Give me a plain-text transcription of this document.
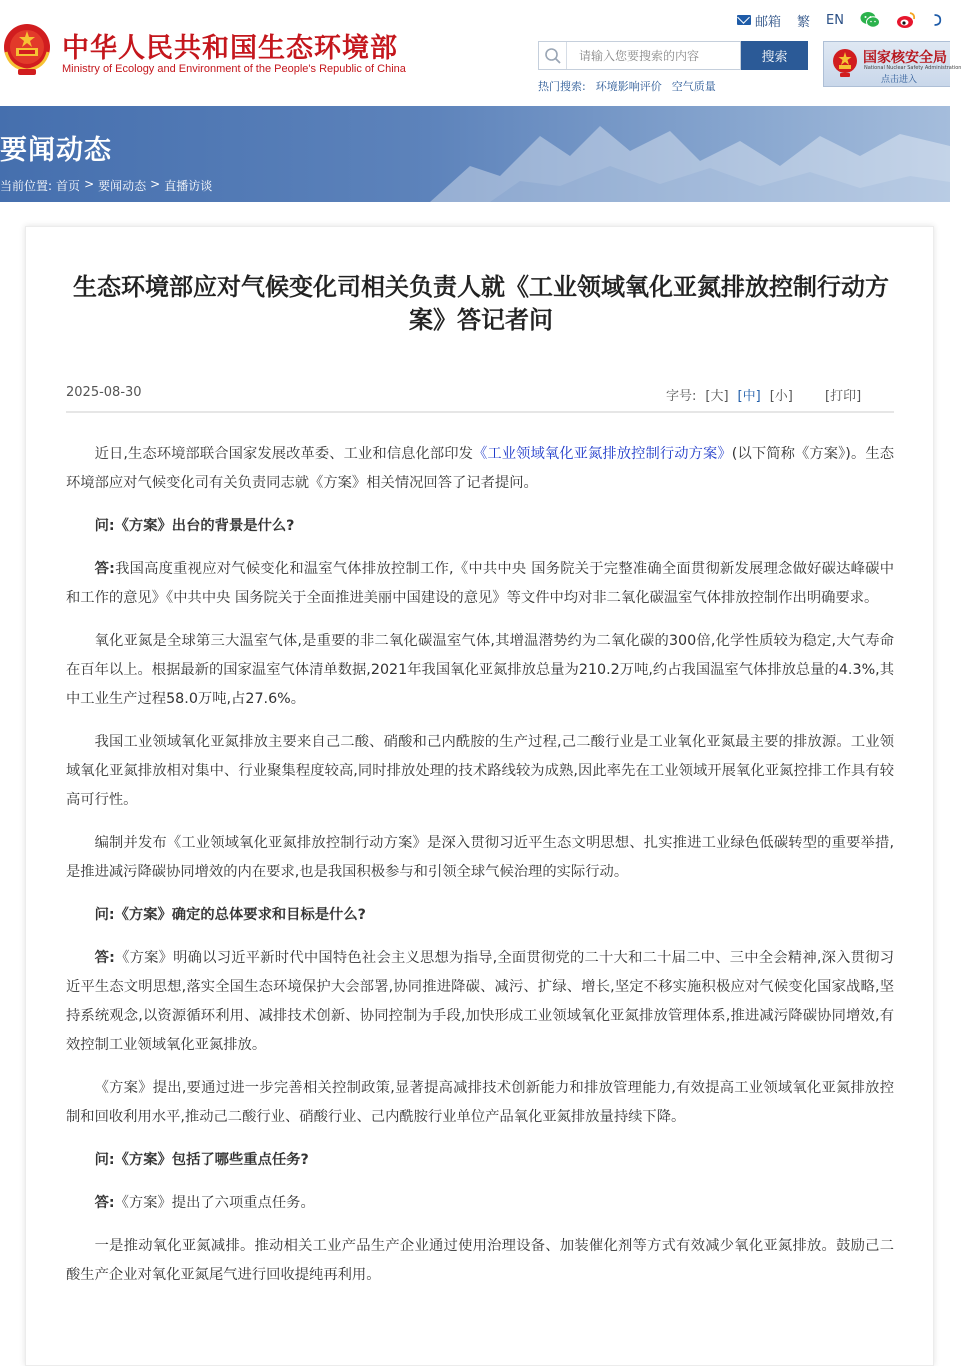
中华人民共和国生态环境部
Ministry of Ecology and Environment of the People's Republic of China
邮箱 繁 EN
请输入您要搜索的内容
搜索
热门搜索: 环境影响评价 空气质量
国家核安全局
National Nuclear Safety Administration
点击进入
要闻动态
当前位置: 首页 > 要闻动态 > 直播访谈
生态环境部应对气候变化司相关负责人就《工业领域氧化亚氮排放控制行动方案》答记者问
2025-08-30	字号: [大] [中] [小] [打印]

近日,生态环境部联合国家发展改革委、工业和信息化部印发《工业领域氧化亚氮排放控制行动方案》(以下简称《方案》)。生态环境部应对气候变化司有关负责同志就《方案》相关情况回答了记者提问。

问:《方案》出台的背景是什么?

答:我国高度重视应对气候变化和温室气体排放控制工作,《中共中央 国务院关于完整准确全面贯彻新发展理念做好碳达峰碳中和工作的意见》《中共中央 国务院关于全面推进美丽中国建设的意见》等文件中均对非二氧化碳温室气体排放控制作出明确要求。

氧化亚氮是全球第三大温室气体,是重要的非二氧化碳温室气体,其增温潜势约为二氧化碳的300倍,化学性质较为稳定,大气寿命在百年以上。根据最新的国家温室气体清单数据,2021年我国氧化亚氮排放总量为210.2万吨,约占我国温室气体排放总量的4.3%,其中工业生产过程58.0万吨,占27.6%。

我国工业领域氧化亚氮排放主要来自己二酸、硝酸和己内酰胺的生产过程,己二酸行业是工业氧化亚氮最主要的排放源。工业领域氧化亚氮排放相对集中、行业聚集程度较高,同时排放处理的技术路线较为成熟,因此率先在工业领域开展氧化亚氮控排工作具有较高可行性。

编制并发布《工业领域氧化亚氮排放控制行动方案》是深入贯彻习近平生态文明思想、扎实推进工业绿色低碳转型的重要举措,是推进减污降碳协同增效的内在要求,也是我国积极参与和引领全球气候治理的实际行动。

问:《方案》确定的总体要求和目标是什么?

答:《方案》明确以习近平新时代中国特色社会主义思想为指导,全面贯彻党的二十大和二十届二中、三中全会精神,深入贯彻习近平生态文明思想,落实全国生态环境保护大会部署,协同推进降碳、减污、扩绿、增长,坚定不移实施积极应对气候变化国家战略,坚持系统观念,以资源循环利用、减排技术创新、协同控制为手段,加快形成工业领域氧化亚氮排放管理体系,推进减污降碳协同增效,有效控制工业领域氧化亚氮排放。

《方案》提出,要通过进一步完善相关控制政策,显著提高减排技术创新能力和排放管理能力,有效提高工业领域氧化亚氮排放控制和回收利用水平,推动己二酸行业、硝酸行业、己内酰胺行业单位产品氧化亚氮排放量持续下降。

问:《方案》包括了哪些重点任务?

答:《方案》提出了六项重点任务。

一是推动氧化亚氮减排。推动相关工业产品生产企业通过使用治理设备、加装催化剂等方式有效减少氧化亚氮排放。鼓励己二酸生产企业对氧化亚氮尾气进行回收提纯再利用。
